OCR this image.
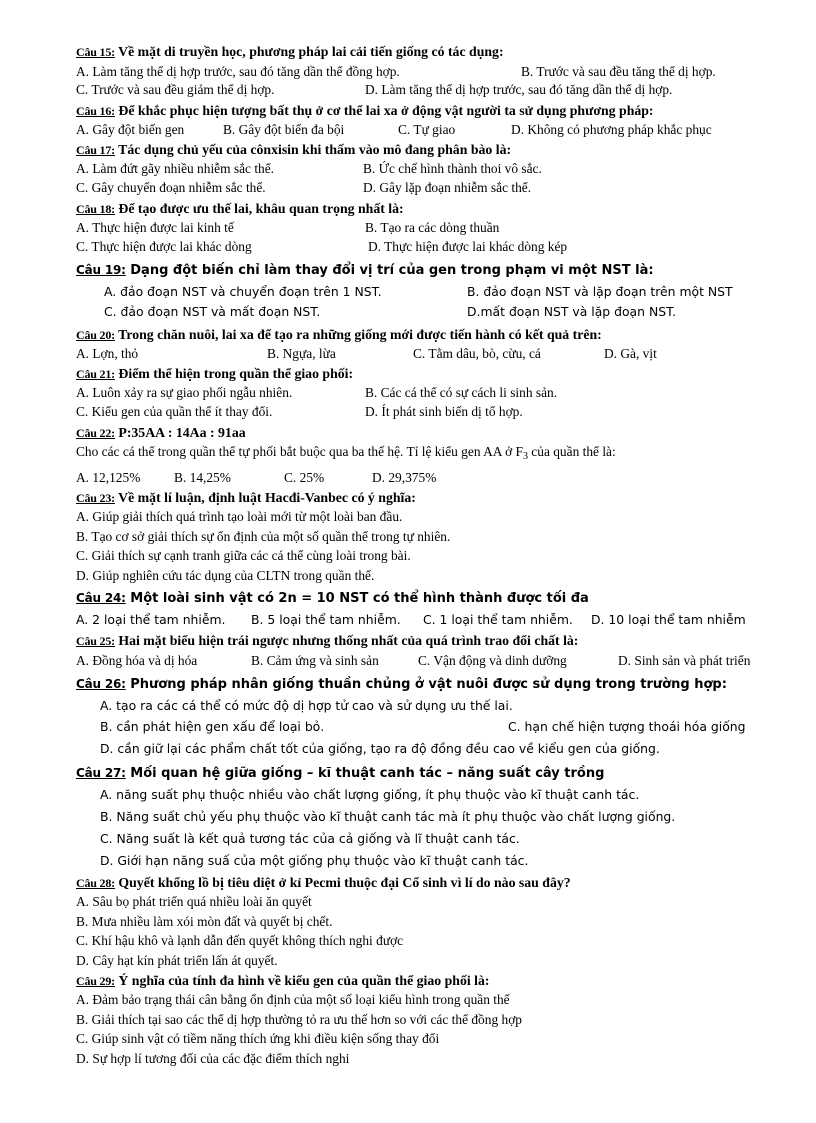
Câu 15: Về mặt di truyền học, phương pháp lai cải tiến giống có tác dụng:
A. Làm tăng thể dị hợp trước, sau đó tăng dần thể đồng hợp.	B. Trước và sau đều tăng thể dị hợp.
C. Trước và sau đều giảm thể dị hợp.	D. Làm tăng thể dị hợp trước, sau đó tăng dần thể dị hợp.
Câu 16: Để khắc phục hiện tượng bất thụ ở cơ thể lai xa ở động vật người ta sử dụng phương pháp:
A. Gây đột biến gen	B. Gây đột biến đa bội	C. Tự giao	D. Không có phương pháp khắc phục
Câu 17: Tác dụng chủ yếu của cônxisin khi thấm vào mô đang phân bào là:
A. Làm đứt gãy nhiều nhiễm sắc thể.	B. Ức chế hình thành thoi vô sắc.
C. Gây chuyển đoạn nhiễm sắc thể.	D. Gây lặp đoạn nhiễm sắc thể.
Câu 18: Để tạo được ưu thế lai, khâu quan trọng nhất là:
A. Thực hiện được lai kinh tế	B. Tạo ra các dòng thuần
C. Thực hiện được lai khác dòng	D. Thực hiện được lai khác dòng kép
Câu 19: Dạng đột biến chỉ làm thay đổi vị trí của gen trong phạm vi một NST là:
A. đảo đoạn NST và chuyển đoạn trên 1 NST.	B. đảo đoạn NST và lặp đoạn trên một NST
C. đảo đoạn NST và mất đoạn NST.	D.mất đoạn NST và lặp đoạn NST.
Câu 20: Trong chăn nuôi, lai xa để tạo ra những giống mới được tiến hành có kết quả trên:
A. Lợn, thỏ	B. Ngựa, lừa	C. Tằm dâu, bò, cừu, cá	D. Gà, vịt
Câu 21: Điểm thể hiện trong quần thể giao phối:
A. Luôn xảy ra sự giao phối ngẫu nhiên.	B. Các cá thể có sự cách li sinh sản.
C. Kiểu gen của quần thể ít thay đổi.	D. Ít phát sinh biến dị tổ hợp.
Câu 22: P:35AA : 14Aa : 91aa
Cho các cá thể trong quần thể tự phối bắt buộc qua ba thế hệ. Tỉ lệ kiểu gen AA ở $F_3$ của quần thể là:
A. 12,125%	B. 14,25%	C. 25%	D. 29,375%
Câu 23: Về mặt lí luận, định luật Hacđi-Vanbec có ý nghĩa:
A. Giúp giải thích quá trình tạo loài mới từ một loài ban đầu.
B. Tạo cơ sở giải thích sự ổn định của một số quần thể trong tự nhiên.
C. Giải thích sự cạnh tranh giữa các cá thể cùng loài trong bài.
D. Giúp nghiên cứu tác dụng của CLTN trong quần thể.
Câu 24: Một loài sinh vật có 2n = 10 NST có thể hình thành được tối đa
A. 2 loại thể tam nhiễm. B. 5 loại thể tam nhiễm. C. 1 loại thể tam nhiễm. D. 10 loại thể tam nhiễm
Câu 25: Hai mặt biểu hiện trái ngược nhưng thống nhất của quá trình trao đổi chất là:
A. Đồng hóa và dị hóa	B. Cảm ứng và sinh sản	C. Vận động và dinh dưỡng	D. Sinh sản và phát triển
Câu 26: Phương pháp nhân giống thuần chủng ở vật nuôi được sử dụng trong trường hợp:
A. tạo ra các cá thể có mức độ dị hợp tử cao và sử dụng ưu thế lai.
B. cần phát hiện gen xấu để loại bỏ.	C. hạn chế hiện tượng thoái hóa giống
D. cần giữ lại các phẩm chất tốt của giống, tạo ra độ đồng đều cao về kiểu gen của giống.
Câu 27: Mối quan hệ giữa giống – kĩ thuật canh tác – năng suất cây trồng
A. năng suất phụ thuộc nhiều vào chất lượng giống, ít phụ thuộc vào kĩ thuật canh tác.
B. Năng suất chủ yếu phụ thuộc vào kĩ thuật canh tác mà ít phụ thuộc vào chất lượng giống.
C. Năng suất là kết quả tương tác của cả giống và lĩ thuật canh tác.
D. Giới hạn năng suấ của một giống phụ thuộc vào kĩ thuật canh tác.
Câu 28: Quyết khổng lồ bị tiêu diệt ở kỉ Pecmi thuộc đại Cổ sinh vì lí do nào sau đây?
A. Sâu bọ phát triển quá nhiều loài ăn quyết
B. Mưa nhiều làm xói mòn đất và quyết bị chết.
C. Khí hậu khô và lạnh dẫn đến quyết không thích nghi được
D. Cây hạt kín phát triển lấn át quyết.
Câu 29: Ý nghĩa của tính đa hình về kiểu gen của quần thể giao phối là:
A. Đảm bảo trạng thái cân bằng ổn định của một số loại kiểu hình trong quần thể
B. Giải thích tại sao các thể dị hợp thường tỏ ra ưu thế hơn so với các thể đồng hợp
C. Giúp sinh vật có tiềm năng thích ứng khi điều kiện sống thay đổi
D. Sự hợp lí tương đối của các đặc điểm thích nghi
